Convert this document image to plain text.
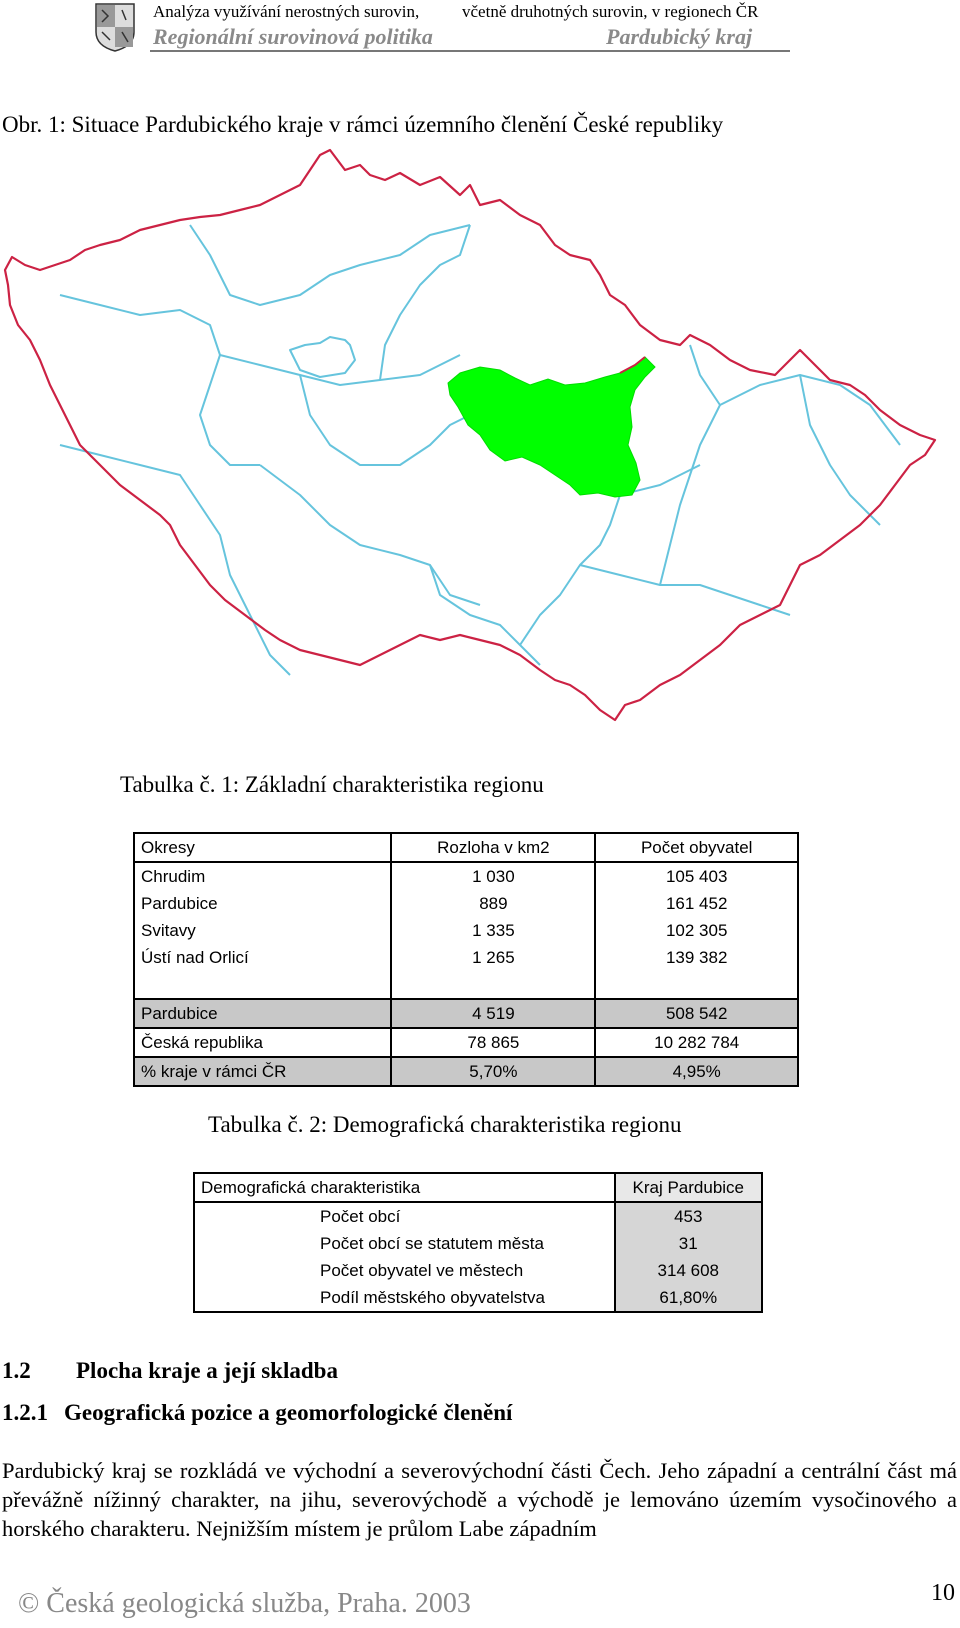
Analýza využívání nerostných surovin,	včetně druhotných surovin, v regionech ČR
Regionální surovinová politika	Pardubický kraj
Obr. 1: Situace Pardubického kraje v rámci územního členění České republiky
Tabulka č. 1: Základní charakteristika regionu
Okresy	Rozloha v km2	Počet obyvatel
Chrudim	1 030	105 403
Pardubice	889	161 452
Svitavy	1 335	102 305
Ústí nad Orlicí	1 265	139 382

Pardubice	4 519	508 542
Česká republika	78 865	10 282 784
% kraje v rámci ČR	5,70%	4,95%
Tabulka č. 2: Demografická charakteristika regionu
Demografická charakteristika	Kraj Pardubice
Počet obcí	453
Počet obcí se statutem města	31
Počet obyvatel ve městech	314 608
Podíl městského obyvatelstva	61,80%
1.2 Plocha kraje a její skladba
1.2.1 Geografická pozice a geomorfologické členění
Pardubický kraj se rozkládá ve východní a severovýchodní části Čech. Jeho západní a centrální část má převážně nížinný charakter, na jihu, severovýchodě a východě je lemováno územím vysočinového a horského charakteru. Nejnižším místem je průlom Labe západním
© Česká geologická služba, Praha. 2003	10
